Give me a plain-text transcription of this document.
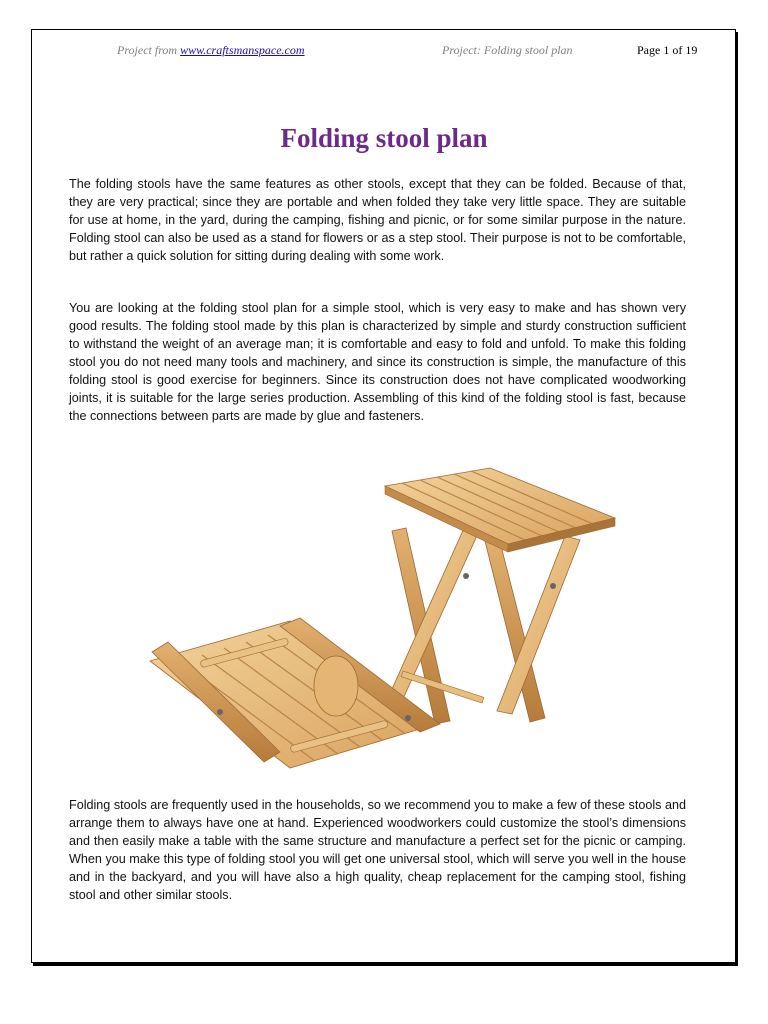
Project from www.craftsmanspace.com	Project: Folding stool plan	Page 1 of 19
Folding stool plan

The folding stools have the same features as other stools, except that they can be folded. Because of that, they are very practical; since they are portable and when folded they take very little space. They are suitable for use at home, in the yard, during the camping, fishing and picnic, or for some similar purpose in the nature. Folding stool can also be used as a stand for flowers or as a step stool. Their purpose is not to be comfortable, but rather a quick solution for sitting during dealing with some work.

You are looking at the folding stool plan for a simple stool, which is very easy to make and has shown very good results. The folding stool made by this plan is characterized by simple and sturdy construction sufficient to withstand the weight of an average man; it is comfortable and easy to fold and unfold. To make this folding stool you do not need many tools and machinery, and since its construction is simple, the manufacture of this folding stool is good exercise for beginners. Since its construction does not have complicated woodworking joints, it is suitable for the large series production. Assembling of this kind of the folding stool is fast, because the connections between parts are made by glue and fasteners.

Folding stools are frequently used in the households, so we recommend you to make a few of these stools and arrange them to always have one at hand. Experienced woodworkers could customize the stool’s dimensions and then easily make a table with the same structure and manufacture a perfect set for the picnic or camping. When you make this type of folding stool you will get one universal stool, which will serve you well in the house and in the backyard, and you will have also a high quality, cheap replacement for the camping stool, fishing stool and other similar stools.
